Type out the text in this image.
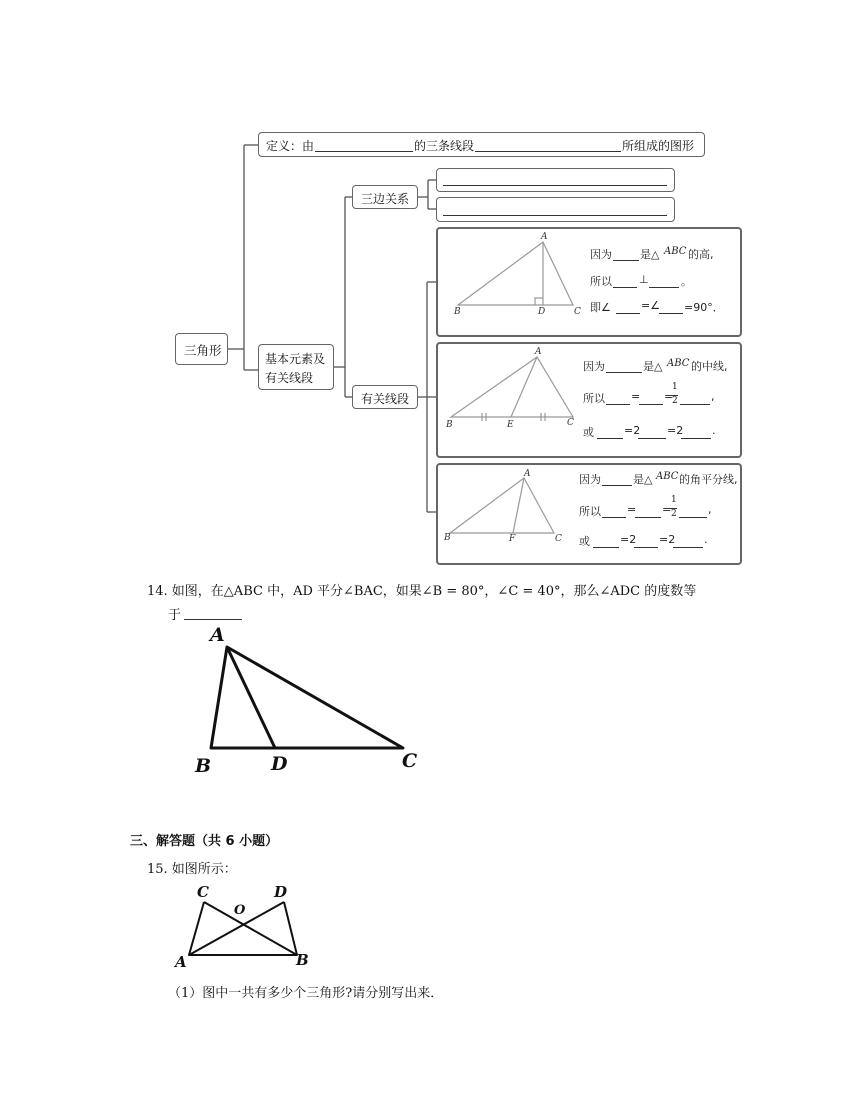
三角形
定义：由	的三条线段	所组成的图形
基本元素及
有关线段
三边关系
有关线段
A
B	D	C
因为	是△ ABC 的高,
所以 ⊥	。
即∠	=∠ =90°．
A
B	E	C
因为	是△ ABC 的中线,
所以 = =
1
2	,
或	=2 =2	.
A
B	F	C
因为	是△ ABC 的角平分线,
所以 = =
1
2	,
或	=2 =2	.
14. 如图，在△ABC 中，AD 平分∠BAC，如果∠B = 80°，∠C = 40°，那么∠ADC 的度数等
于
A
B	D	C
三、解答题（共 6 小题）
15. 如图所示：
C	D
O
A	B
（1）图中一共有多少个三角形?请分别写出来．
